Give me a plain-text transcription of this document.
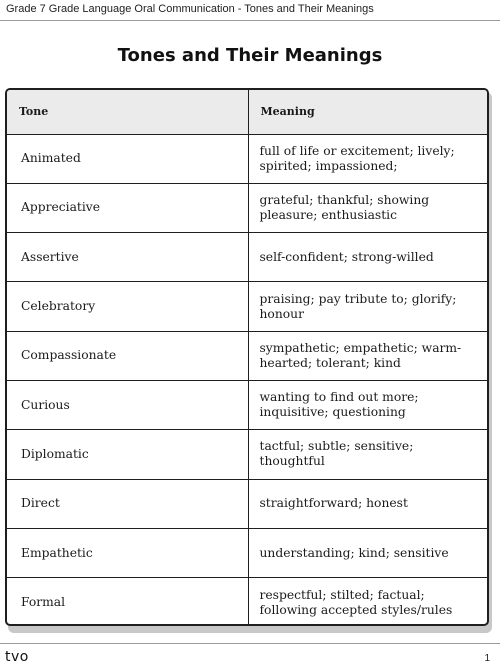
Grade 7 Grade Language Oral Communication - Tones and Their Meanings
Tones and Their Meanings
Tone	Meaning
Animated	full of life or excitement; lively; spirited; impassioned;
Appreciative	grateful; thankful; showing pleasure; enthusiastic
Assertive	self-confident; strong-willed
Celebratory	praising; pay tribute to; glorify; honour
Compassionate	sympathetic; empathetic; warm-hearted; tolerant; kind
Curious	wanting to find out more; inquisitive; questioning
Diplomatic	tactful; subtle; sensitive; thoughtful
Direct	straightforward; honest
Empathetic	understanding; kind; sensitive
Formal	respectful; stilted; factual; following accepted styles/rules
tvo	1
